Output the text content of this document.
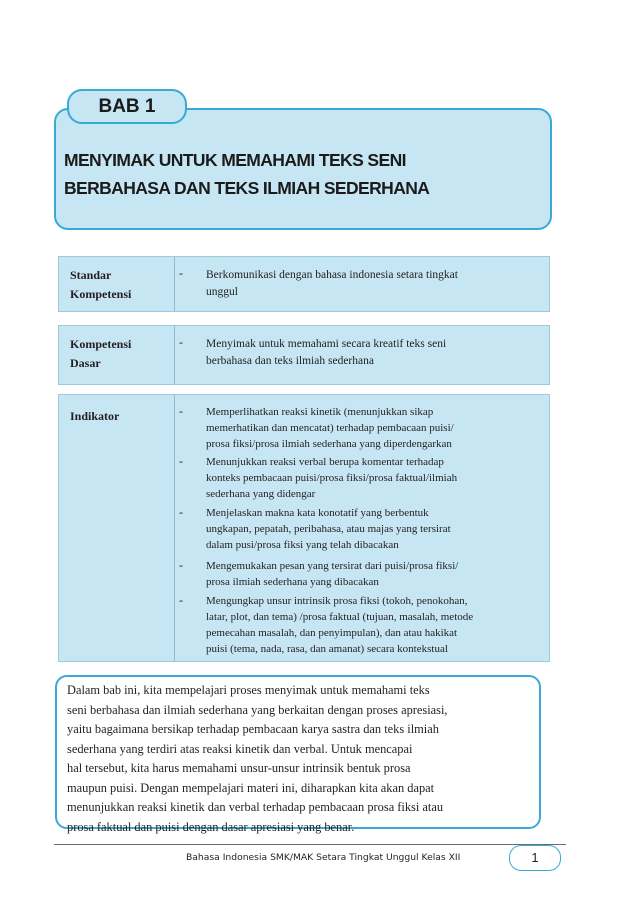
BAB 1
MENYIMAK UNTUK MEMAHAMI TEKS SENI
BERBAHASA DAN TEKS ILMIAH SEDERHANA
Standar
Kompetensi
- Berkomunikasi dengan bahasa indonesia setara tingkat
unggul
Kompetensi
Dasar
- Menyimak untuk memahami secara kreatif teks seni
berbahasa dan teks ilmiah sederhana
Indikator	- Memperlihatkan reaksi kinetik (menunjukkan sikap
memerhatikan dan mencatat) terhadap pembacaan puisi/
prosa fiksi/prosa ilmiah sederhana yang diperdengarkan
- Menunjukkan reaksi verbal berupa komentar terhadap
konteks pembacaan puisi/prosa fiksi/prosa faktual/ilmiah
sederhana yang didengar
- Menjelaskan makna kata konotatif yang berbentuk
ungkapan, pepatah, peribahasa, atau majas yang tersirat
dalam pusi/prosa fiksi yang telah dibacakan
- Mengemukakan pesan yang tersirat dari puisi/prosa fiksi/
prosa ilmiah sederhana yang dibacakan
- Mengungkap unsur intrinsik prosa fiksi (tokoh, penokohan,
latar, plot, dan tema) /prosa faktual (tujuan, masalah, metode
pemecahan masalah, dan penyimpulan), dan atau hakikat
puisi (tema, nada, rasa, dan amanat) secara kontekstual

Dalam bab ini, kita mempelajari proses menyimak untuk memahami teks
seni berbahasa dan ilmiah sederhana yang berkaitan dengan proses apresiasi,
yaitu bagaimana bersikap terhadap pembacaan karya sastra dan teks ilmiah
sederhana yang terdiri atas reaksi kinetik dan verbal. Untuk mencapai
hal tersebut, kita harus memahami unsur-unsur intrinsik bentuk prosa
maupun puisi. Dengan mempelajari materi ini, diharapkan kita akan dapat
menunjukkan reaksi kinetik dan verbal terhadap pembacaan prosa fiksi atau
prosa faktual dan puisi dengan dasar apresiasi yang benar.

Bahasa Indonesia SMK/MAK Setara Tingkat Unggul Kelas XII	1
